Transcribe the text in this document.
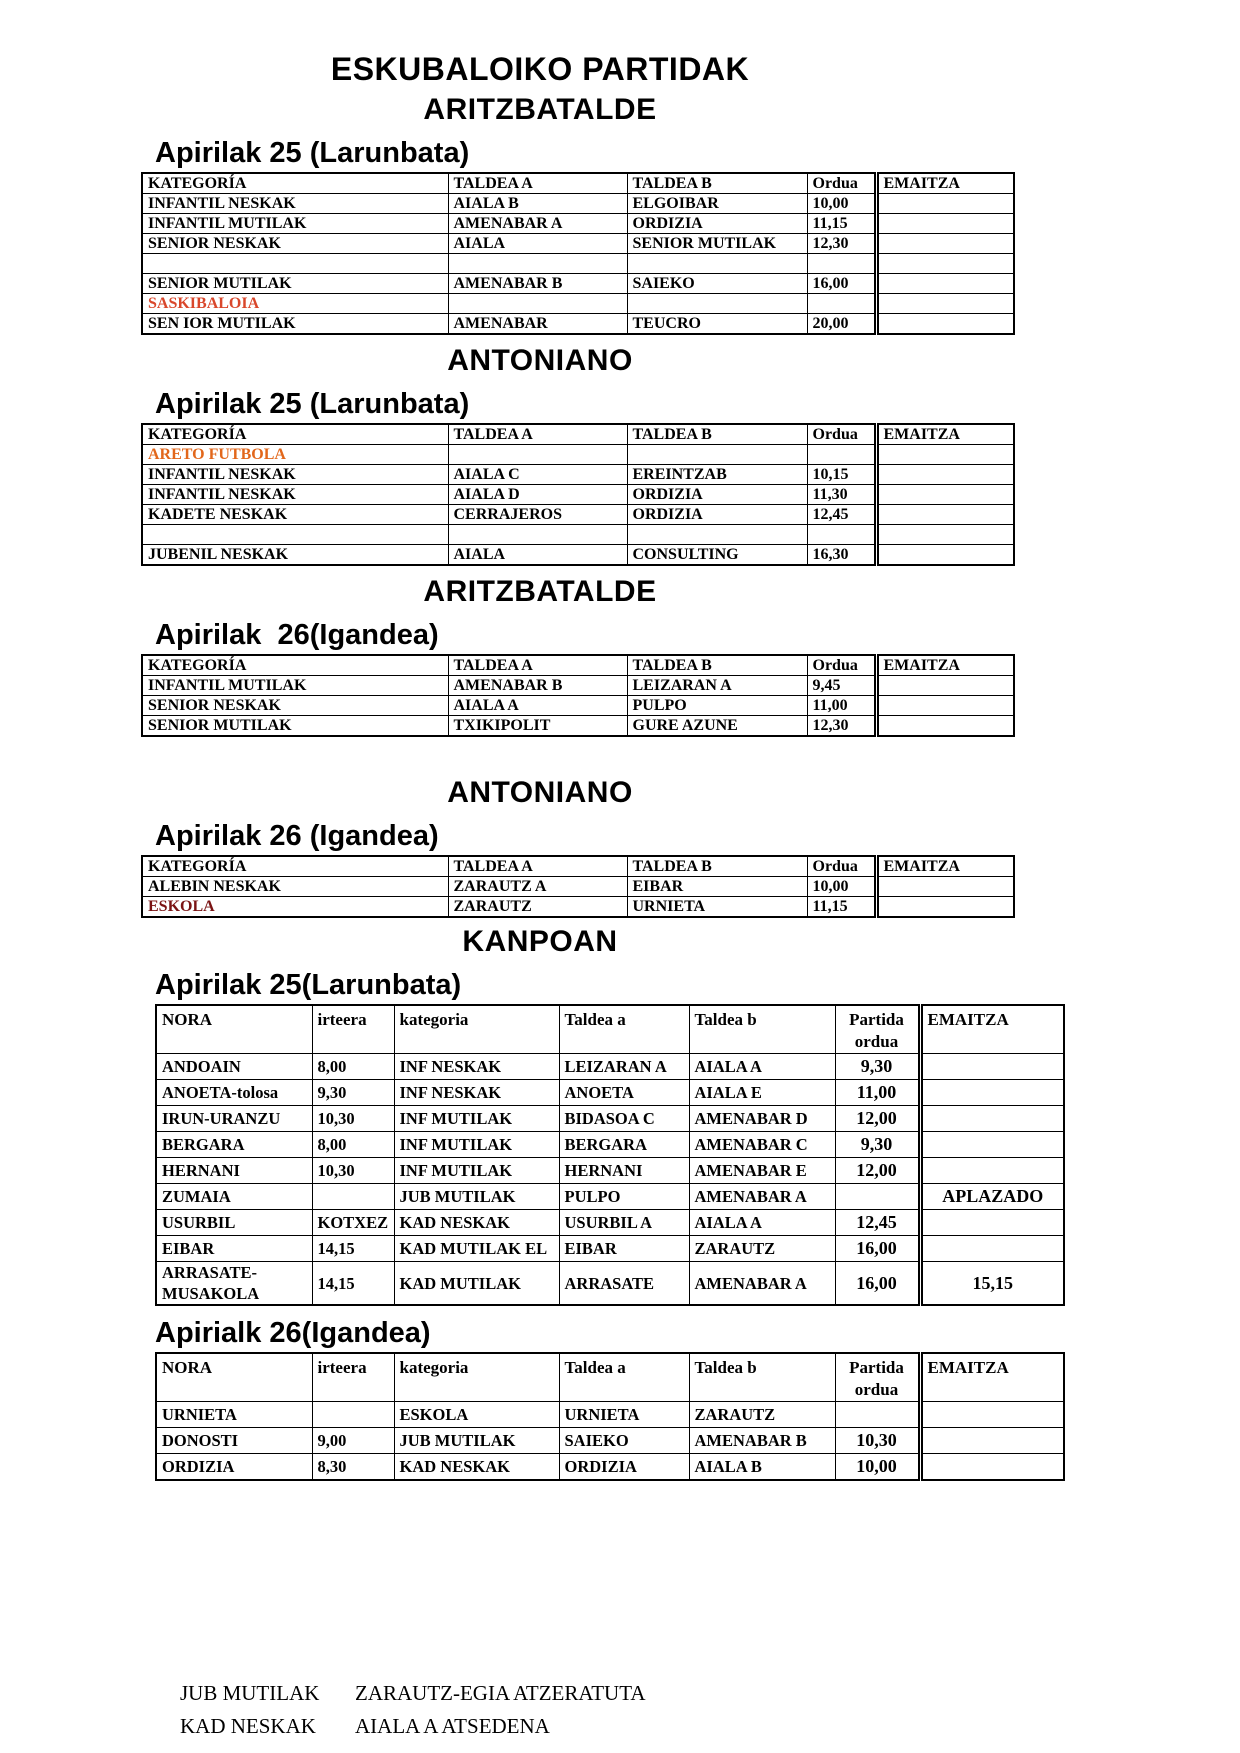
ESKUBALOIKO PARTIDAK
ARITZBATALDE
Apirilak 25 (Larunbata)
KATEGORÍA	TALDEA A	TALDEA B	Ordua	EMAITZA
INFANTIL NESKAK	AIALA B	ELGOIBAR	10,00	
INFANTIL MUTILAK	AMENABAR A	ORDIZIA	11,15	
SENIOR NESKAK	AIALA	SENIOR MUTILAK	12,30	

SENIOR MUTILAK	AMENABAR B	SAIEKO	16,00	
SASKIBALOIA				
SEN IOR MUTILAK	AMENABAR	TEUCRO	20,00	
ANTONIANO
Apirilak 25 (Larunbata)
KATEGORÍA	TALDEA A	TALDEA B	Ordua	EMAITZA
ARETO FUTBOLA				
INFANTIL NESKAK	AIALA C	EREINTZAB	10,15	
INFANTIL NESKAK	AIALA D	ORDIZIA	11,30	
KADETE NESKAK	CERRAJEROS	ORDIZIA	12,45	

JUBENIL NESKAK	AIALA	CONSULTING	16,30	
ARITZBATALDE
Apirilak  26(Igandea)
KATEGORÍA	TALDEA A	TALDEA B	Ordua	EMAITZA
INFANTIL MUTILAK	AMENABAR B	LEIZARAN A	9,45	
SENIOR NESKAK	AIALA A	PULPO	11,00	
SENIOR MUTILAK	TXIKIPOLIT	GURE AZUNE	12,30	
ANTONIANO
Apirilak 26 (Igandea)
KATEGORÍA	TALDEA A	TALDEA B	Ordua	EMAITZA
ALEBIN NESKAK	ZARAUTZ A	EIBAR	10,00	
ESKOLA	ZARAUTZ	URNIETA	11,15	
KANPOAN
Apirilak 25(Larunbata)
NORA	irteera	kategoria	Taldea a	Taldea b	Partida ordua	EMAITZA
ANDOAIN	8,00	INF NESKAK	LEIZARAN A	AIALA A	9,30	
ANOETA-tolosa	9,30	INF NESKAK	ANOETA	AIALA E	11,00	
IRUN-URANZU	10,30	INF MUTILAK	BIDASOA C	AMENABAR D	12,00	
BERGARA	8,00	INF MUTILAK	BERGARA	AMENABAR C	9,30	
HERNANI	10,30	INF MUTILAK	HERNANI	AMENABAR E	12,00	
ZUMAIA		JUB MUTILAK	PULPO	AMENABAR A		APLAZADO
USURBIL	KOTXEZ	KAD NESKAK	USURBIL A	AIALA A	12,45	
EIBAR	14,15	KAD MUTILAK EL	EIBAR	ZARAUTZ	16,00	
ARRASATE-MUSAKOLA	14,15	KAD MUTILAK	ARRASATE	AMENABAR A	16,00	15,15
Apirialk 26(Igandea)
NORA	irteera	kategoria	Taldea a	Taldea b	Partida ordua	EMAITZA
URNIETA		ESKOLA	URNIETA	ZARAUTZ		
DONOSTI	9,00	JUB MUTILAK	SAIEKO	AMENABAR B	10,30	
ORDIZIA	8,30	KAD NESKAK	ORDIZIA	AIALA B	10,00	
JUB MUTILAK ZARAUTZ-EGIA ATZERATUTA
KAD NESKAK AIALA A ATSEDENA
